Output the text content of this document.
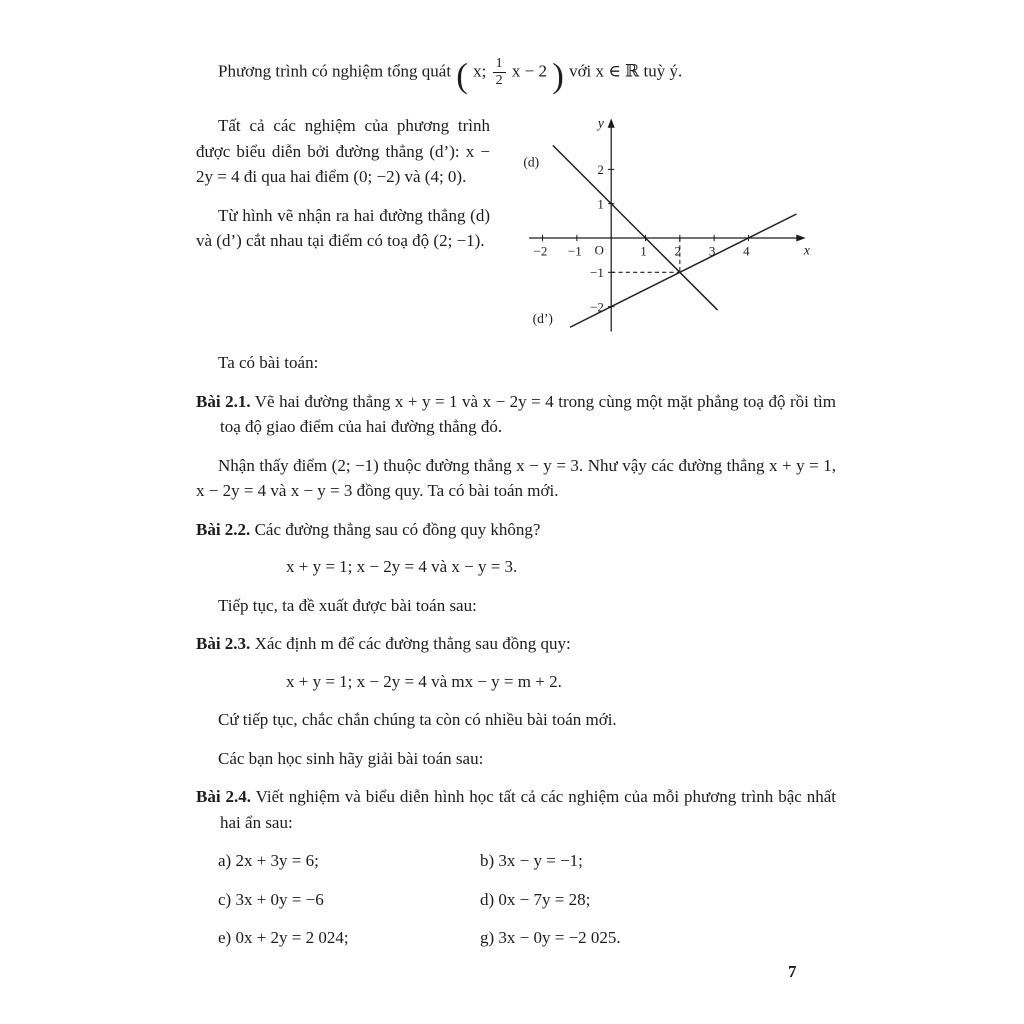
Phương trình có nghiệm tổng quát ( x; $\frac{1}{2}$ x − 2 ) với x ∈ ℝ tuỳ ý.

Tất cả các nghiệm của phương trình được biểu diễn bởi đường thẳng (d’): x − 2y = 4 đi qua hai điểm (0; −2) và (4; 0).

Từ hình vẽ nhận ra hai đường thẳng (d) và (d’) cắt nhau tại điểm có toạ độ (2; −1).

x
y
O
(d)
(d’)
−2 −1	1 2 3 4
2
1
−1
−2

Ta có bài toán:

Bài 2.1. Vẽ hai đường thẳng x + y = 1 và x − 2y = 4 trong cùng một mặt phẳng toạ độ rồi tìm toạ độ giao điểm của hai đường thẳng đó.

Nhận thấy điểm (2; −1) thuộc đường thẳng x − y = 3. Như vậy các đường thẳng x + y = 1, x − 2y = 4 và x − y = 3 đồng quy. Ta có bài toán mới.

Bài 2.2. Các đường thẳng sau có đồng quy không?

x + y = 1; x − 2y = 4 và x − y = 3.

Tiếp tục, ta đề xuất được bài toán sau:

Bài 2.3. Xác định m để các đường thẳng sau đồng quy:

x + y = 1; x − 2y = 4 và mx − y = m + 2.

Cứ tiếp tục, chắc chắn chúng ta còn có nhiều bài toán mới.

Các bạn học sinh hãy giải bài toán sau:

Bài 2.4. Viết nghiệm và biểu diễn hình học tất cả các nghiệm của mỗi phương trình bậc nhất hai ẩn sau:

a) 2x + 3y = 6;	b) 3x − y = −1;
c) 3x + 0y = −6	d) 0x − 7y = 28;
e) 0x + 2y = 2 024;	g) 3x − 0y = −2 025.
7
